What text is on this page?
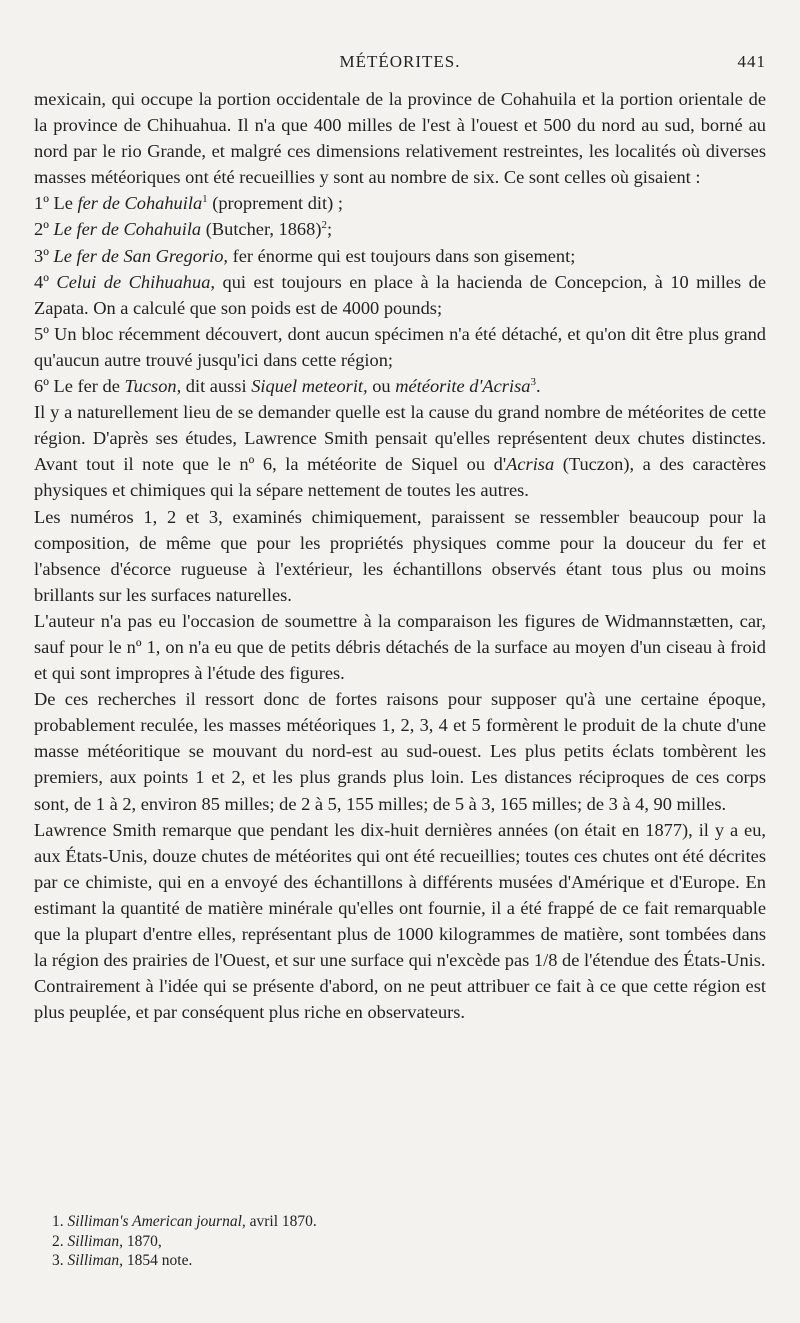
MÉTÉORITES.	441

mexicain, qui occupe la portion occidentale de la province de Cohahuila et la portion orientale de la province de Chihuahua. Il n'a que 400 milles de l'est à l'ouest et 500 du nord au sud, borné au nord par le rio Grande, et malgré ces dimensions relativement restreintes, les localités où diverses masses météoriques ont été recueillies y sont au nombre de six. Ce sont celles où gisaient :

1º Le fer de Cohahuila$^1$ (proprement dit) ;

2º Le fer de Cohahuila (Butcher, 1868)$^2$;

3º Le fer de San Gregorio, fer énorme qui est toujours dans son gisement;

4º Celui de Chihuahua, qui est toujours en place à la hacienda de Concepcion, à 10 milles de Zapata. On a calculé que son poids est de 4000 pounds;

5º Un bloc récemment découvert, dont aucun spécimen n'a été détaché, et qu'on dit être plus grand qu'aucun autre trouvé jusqu'ici dans cette région;

6º Le fer de Tucson, dit aussi Siquel meteorit, ou météorite d'Acrisa$^3$.

Il y a naturellement lieu de se demander quelle est la cause du grand nombre de météorites de cette région. D'après ses études, Lawrence Smith pensait qu'elles représentent deux chutes distinctes. Avant tout il note que le nº 6, la météorite de Siquel ou d'Acrisa (Tuczon), a des caractères physiques et chimiques qui la sépare nettement de toutes les autres.

Les numéros 1, 2 et 3, examinés chimiquement, paraissent se ressembler beaucoup pour la composition, de même que pour les propriétés physiques comme pour la douceur du fer et l'absence d'écorce rugueuse à l'extérieur, les échantillons observés étant tous plus ou moins brillants sur les surfaces naturelles.

L'auteur n'a pas eu l'occasion de soumettre à la comparaison les figures de Widmannstætten, car, sauf pour le nº 1, on n'a eu que de petits débris détachés de la surface au moyen d'un ciseau à froid et qui sont impropres à l'étude des figures.

De ces recherches il ressort donc de fortes raisons pour supposer qu'à une certaine époque, probablement reculée, les masses météoriques 1, 2, 3, 4 et 5 formèrent le produit de la chute d'une masse météoritique se mouvant du nord-est au sud-ouest. Les plus petits éclats tombèrent les premiers, aux points 1 et 2, et les plus grands plus loin. Les distances réciproques de ces corps sont, de 1 à 2, environ 85 milles; de 2 à 5, 155 milles; de 5 à 3, 165 milles; de 3 à 4, 90 milles.

Lawrence Smith remarque que pendant les dix-huit dernières années (on était en 1877), il y a eu, aux États-Unis, douze chutes de météorites qui ont été recueillies; toutes ces chutes ont été décrites par ce chimiste, qui en a envoyé des échantillons à différents musées d'Amérique et d'Europe. En estimant la quantité de matière minérale qu'elles ont fournie, il a été frappé de ce fait remarquable que la plupart d'entre elles, représentant plus de 1000 kilogrammes de matière, sont tombées dans la région des prairies de l'Ouest, et sur une surface qui n'excède pas 1/8 de l'étendue des États-Unis.

Contrairement à l'idée qui se présente d'abord, on ne peut attribuer ce fait à ce que cette région est plus peuplée, et par conséquent plus riche en observateurs.

1. Silliman's American journal, avril 1870.

2. Silliman, 1870,

3. Silliman, 1854 note.
